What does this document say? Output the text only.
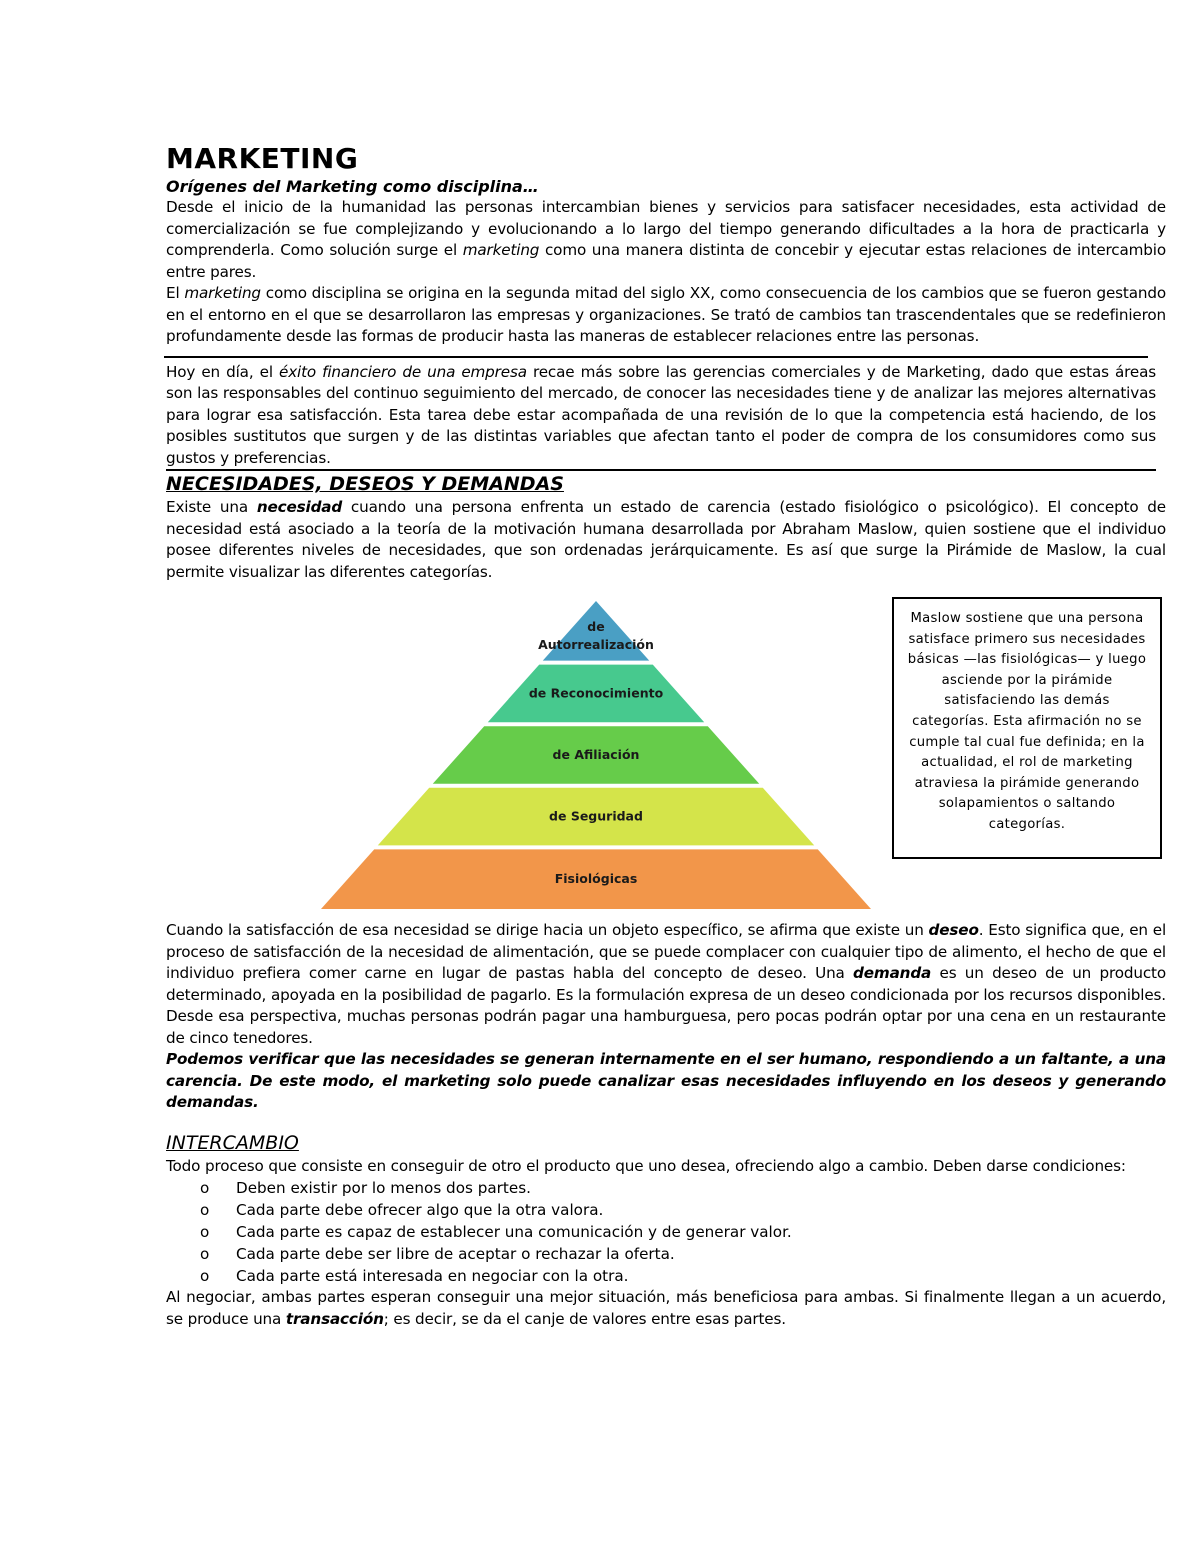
MARKETING

Orígenes del Marketing como disciplina…

Desde el inicio de la humanidad las personas intercambian bienes y servicios para satisfacer necesidades, esta actividad de comercialización se fue complejizando y evolucionando a lo largo del tiempo generando dificultades a la hora de practicarla y comprenderla. Como solución surge el marketing como una manera distinta de concebir y ejecutar estas relaciones de intercambio entre pares.

El marketing como disciplina se origina en la segunda mitad del siglo XX, como consecuencia de los cambios que se fueron gestando en el entorno en el que se desarrollaron las empresas y organizaciones. Se trató de cambios tan trascendentales que se redefinieron profundamente desde las formas de producir hasta las maneras de establecer relaciones entre las personas.

Hoy en día, el éxito financiero de una empresa recae más sobre las gerencias comerciales y de Marketing, dado que estas áreas son las responsables del continuo seguimiento del mercado, de conocer las necesidades tiene y de analizar las mejores alternativas para lograr esa satisfacción. Esta tarea debe estar acompañada de una revisión de lo que la competencia está haciendo, de los posibles sustitutos que surgen y de las distintas variables que afectan tanto el poder de compra de los consumidores como sus gustos y preferencias.

NECESIDADES, DESEOS Y DEMANDAS

Existe una necesidad cuando una persona enfrenta un estado de carencia (estado fisiológico o psicológico). El concepto de necesidad está asociado a la teoría de la motivación humana desarrollada por Abraham Maslow, quien sostiene que el individuo posee diferentes niveles de necesidades, que son ordenadas jerárquicamente. Es así que surge la Pirámide de Maslow, la cual permite visualizar las diferentes categorías.

de Autorrealización
de Reconocimiento
de Afiliación
de Seguridad
Fisiológicas
Maslow sostiene que una persona satisface primero sus necesidades básicas —las fisiológicas— y luego asciende por la pirámide satisfaciendo las demás categorías. Esta afirmación no se cumple tal cual fue definida; en la actualidad, el rol de marketing atraviesa la pirámide generando solapamientos o saltando categorías.

Cuando la satisfacción de esa necesidad se dirige hacia un objeto específico, se afirma que existe un deseo. Esto significa que, en el proceso de satisfacción de la necesidad de alimentación, que se puede complacer con cualquier tipo de alimento, el hecho de que el individuo prefiera comer carne en lugar de pastas habla del concepto de deseo. Una demanda es un deseo de un producto determinado, apoyada en la posibilidad de pagarlo. Es la formulación expresa de un deseo condicionada por los recursos disponibles. Desde esa perspectiva, muchas personas podrán pagar una hamburguesa, pero pocas podrán optar por una cena en un restaurante de cinco tenedores.

Podemos verificar que las necesidades se generan internamente en el ser humano, respondiendo a un faltante, a una carencia. De este modo, el marketing solo puede canalizar esas necesidades influyendo en los deseos y generando demandas.

INTERCAMBIO

Todo proceso que consiste en conseguir de otro el producto que uno desea, ofreciendo algo a cambio. Deben darse condiciones:

o Deben existir por lo menos dos partes.
o Cada parte debe ofrecer algo que la otra valora.
o Cada parte es capaz de establecer una comunicación y de generar valor.
o Cada parte debe ser libre de aceptar o rechazar la oferta.
o Cada parte está interesada en negociar con la otra.

Al negociar, ambas partes esperan conseguir una mejor situación, más beneficiosa para ambas. Si finalmente llegan a un acuerdo, se produce una transacción; es decir, se da el canje de valores entre esas partes.
